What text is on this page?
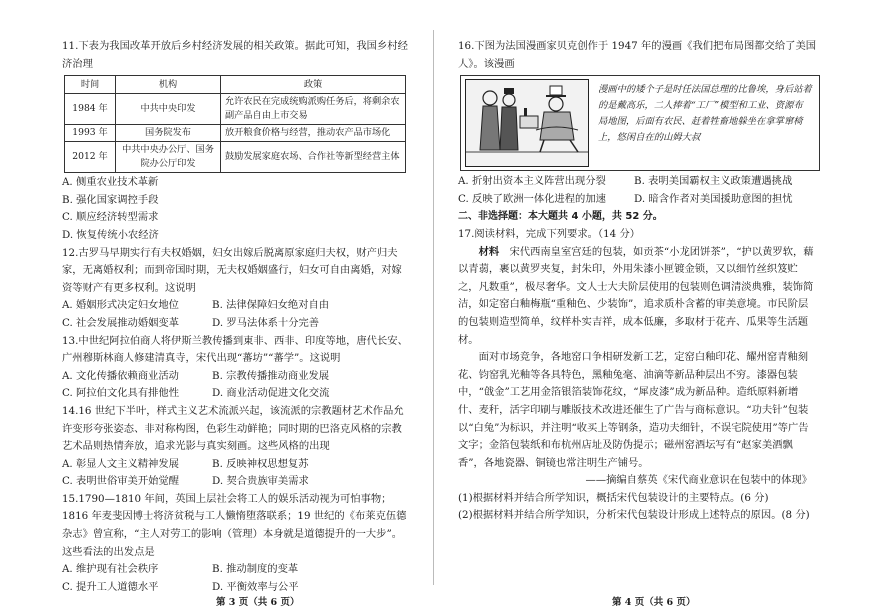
11.下表为我国改革开放后乡村经济发展的相关政策。据此可知，我国乡村经济治理

时间	机构	政策
1984 年	中共中央印发	允许农民在完成统购派购任务后，将剩余农副产品自由上市交易
1993 年	国务院发布	放开粮食价格与经营，推动农产品市场化
2012 年	中共中央办公厅、国务院办公厅印发	鼓励发展家庭农场、合作社等新型经营主体

A. 侧重农业技术革新

B. 强化国家调控手段

C. 顺应经济转型需求

D. 恢复传统小农经济

12.古罗马早期实行有夫权婚姻，妇女出嫁后脱离原家庭归夫权，财产归夫家，无离婚权利；而到帝国时期，无夫权婚姻盛行，妇女可自由离婚，对嫁资等财产有更多权利。这说明

A. 婚姻形式决定妇女地位	B. 法律保障妇女绝对自由
C. 社会发展推动婚姻变革	D. 罗马法体系十分完善

13.中世纪阿拉伯商人将伊斯兰教传播到東非、西非、印度等地，唐代长安、广州穆斯林商人修建清真寺，宋代出现“蕃坊”“蕃学”。这说明

A. 文化传播依赖商业活动	B. 宗教传播推动商业发展
C. 阿拉伯文化具有排他性	D. 商业活动促进文化交流

14.16 世纪下半叶，样式主义艺术流派兴起，该流派的宗教题材艺术作品允许变形夸张姿态、非对称构图，色彩生动鲜艳；同时期的巴洛克风格的宗教艺术品则热情奔放，追求光影与真实刻画。这些风格的出现

A. 彰显人文主义精神发展	B. 反映神权思想复苏
C. 表明世俗审美开始觉醒	D. 契合贵族审美需求

15.1790—1810 年间，英国上层社会将工人的娱乐活动视为可怕事物；1816 年麦斐因博士将济贫税与工人懒惰堕落联系；19 世纪的《布莱克伍德杂志》曾宣称，“主人对劳工的影响（管理）本身就是道德提升的一大步”。这些看法的出发点是

A. 维护现有社会秩序	B. 推动制度的变革
C. 提升工人道德水平	D. 平衡效率与公平

16.下图为法国漫画家贝克创作于 1947 年的漫画《我们把布局图都交给了美国人》。该漫画

漫画中的矮个子是时任法国总理的比鲁埃，身后站着的是戴高乐，二人捧着“工厂”模型和工业、资源布局地图，后面有农民、赶着牲畜地躲坐在拿掌窜椅上，悠闲自在的山姆大叔

A. 折射出资本主义阵营出现分裂	B. 表明美国霸权主义政策遭遇挑战
C. 反映了欧洲一体化进程的加速	D. 暗含作者对美国援助意图的担忧

二、非选择题：本大题共 4 小题，共 52 分。

17.阅读材料，完成下列要求。（14 分）

材料  宋代西南皇室宫廷的包装，如贡茶“小龙团饼茶”，“护以黄罗软，藉以青蒻，裹以黄罗夹复，封朱印，外用朱漆小匣镀金锁，又以细竹丝织笈贮之，凡数重”，极尽奢华。文人士大夫阶层使用的包装则色调清淡典雅，装饰简洁，如定窑白釉梅瓶“重釉色、少装饰”，追求质朴含蓄的审美意境。市民阶层的包装则造型简单，纹样朴实吉祥，成本低廉，多取材于花卉、瓜果等生活题材。

面对市场竞争，各地窑口争相研发新工艺，定窑白釉印花、耀州窑青釉刻花、钧窑乳光釉等各具特色，黑釉兔毫、油滴等新品种层出不穷。漆器包装中，“戗金”工艺用金箔银箔装饰花纹，“犀皮漆”成为新品种。造纸原料新增什、麦秆，活字印刷与雕版技术改进还催生了广告与商标意识。“功夫针”包装以“白兔”为标识，并注明“收买上等钢条，造功夫细针，不误宅院使用”等广告文字；金箔包装纸和布杭州店址及防伪提示；磁州窑酒坛写有“赵家美酒飘香”，各地瓷器、铜镜也常注明生产铺号。

——摘编自蔡英《宋代商业意识在包装中的体现》

(1)根据材料并结合所学知识，概括宋代包装设计的主要特点。(6 分)

(2)根据材料并结合所学知识，分析宋代包装设计形成上述特点的原因。(8 分)

第 3 页（共 6 页）	第 4 页（共 6 页）
